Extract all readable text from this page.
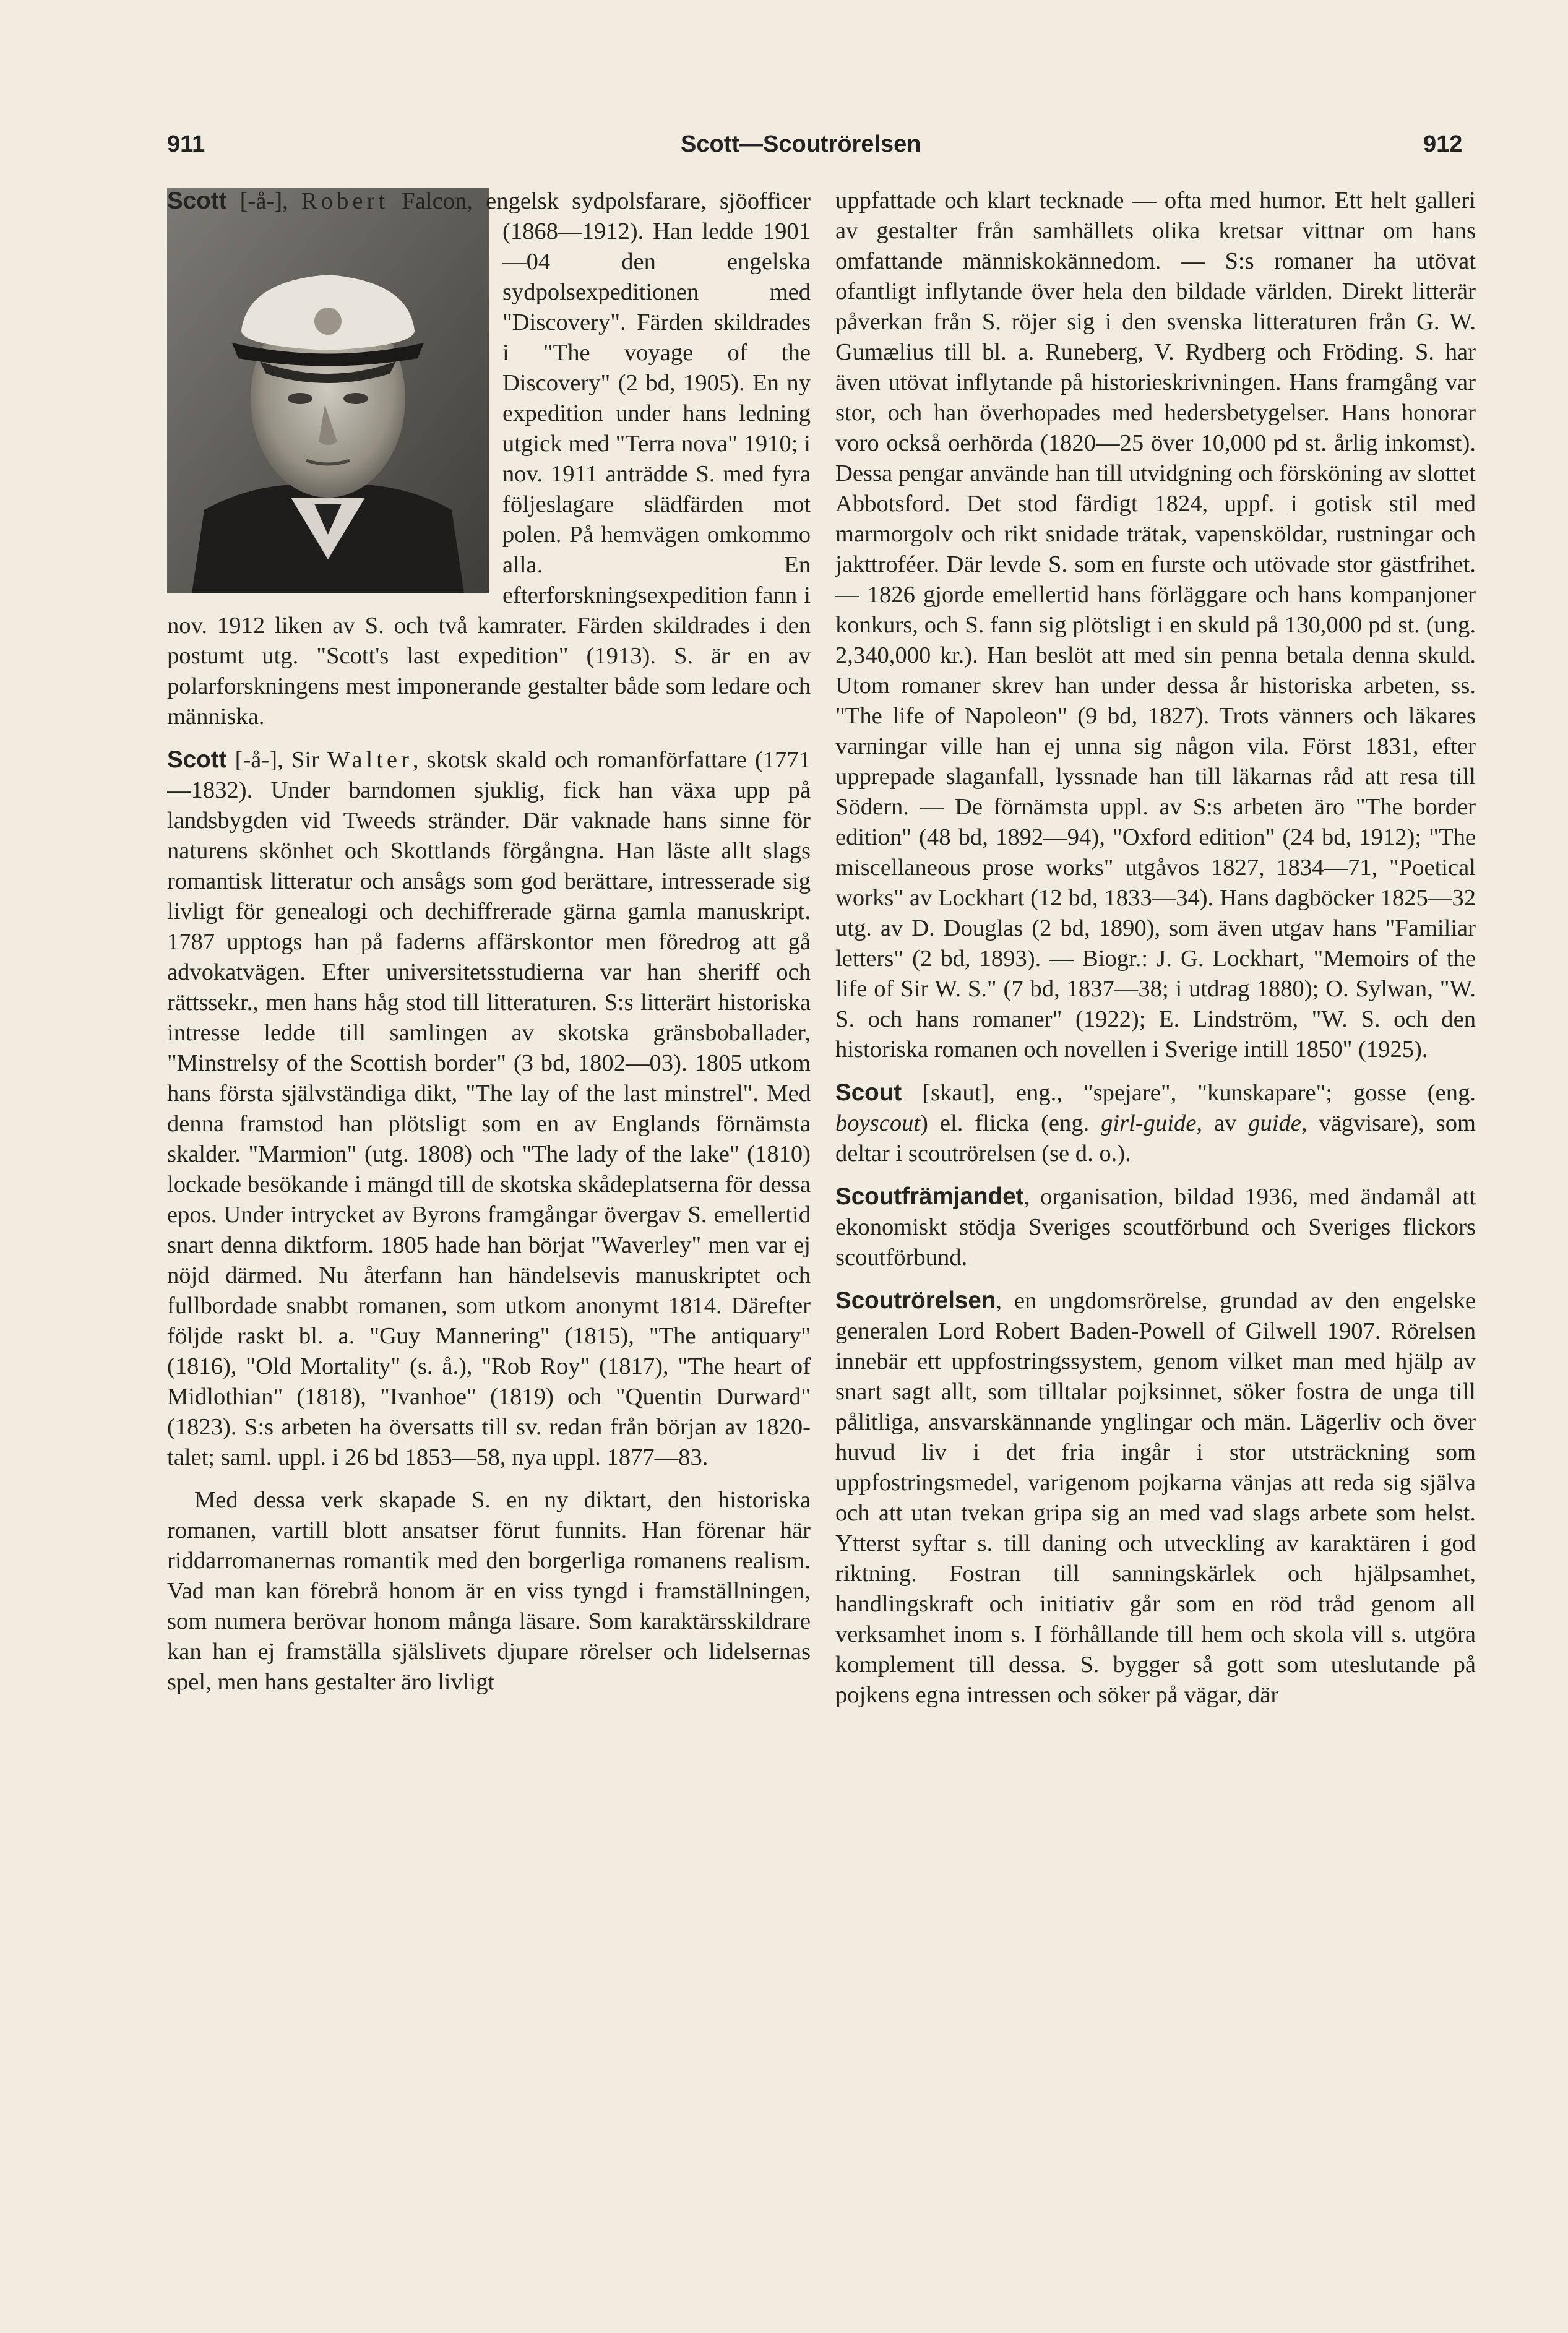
911	Scott—Scoutrörelsen	912

Scott [-å-], Robert
Falcon, engelsk sydpolsfarare, sjöofficer (1868—1912). Han ledde 1901—04 den engelska sydpolsexpeditionen med "Discovery". Färden skildrades i "The voyage of the Discovery" (2 bd, 1905). En ny expedition under hans ledning utgick med "Terra nova" 1910; i nov. 1911 anträdde S. med fyra följeslagare slädfärden mot polen. På hemvägen omkommo alla. En efterforskningsexpedition fann i nov. 1912 liken av S. och två kamrater. Färden skildrades i den postumt utg. "Scott's last expedition" (1913). S. är en av polarforskningens mest imponerande gestalter både som ledare och människa.

Scott [-å-], Sir Walter, skotsk skald och romanförfattare (1771—1832). Under barndomen sjuklig, fick han växa upp på landsbygden vid Tweeds stränder. Där vaknade hans sinne för naturens skönhet och Skottlands förgångna. Han läste allt slags romantisk litteratur och ansågs som god berättare, intresserade sig livligt för genealogi och dechiffrerade gärna gamla manuskript. 1787 upptogs han på faderns affärskontor men föredrog att gå advokatvägen. Efter universitetsstudierna var han sheriff och rättssekr., men hans håg stod till litteraturen. S:s litterärt historiska intresse ledde till samlingen av skotska gränsboballader, "Minstrelsy of the Scottish border" (3 bd, 1802—03). 1805 utkom hans första självständiga dikt, "The lay of the last minstrel". Med denna framstod han plötsligt som en av Englands förnämsta skalder. "Marmion" (utg. 1808) och "The lady of the lake" (1810) lockade besökande i mängd till de skotska skådeplatserna för dessa epos. Under intrycket av Byrons framgångar övergav S. emellertid snart denna diktform. 1805 hade han börjat "Waverley" men var ej nöjd därmed. Nu återfann han händelsevis manuskriptet och fullbordade snabbt romanen, som utkom anonymt 1814. Därefter följde raskt bl. a. "Guy Mannering" (1815), "The antiquary" (1816), "Old Mortality" (s. å.), "Rob Roy" (1817), "The heart of Midlothian" (1818), "Ivanhoe" (1819) och "Quentin Durward" (1823). S:s arbeten ha översatts till sv. redan från början av 1820-talet; saml. uppl. i 26 bd 1853—58, nya uppl. 1877—83.

Med dessa verk skapade S. en ny diktart, den historiska romanen, vartill blott ansatser förut funnits. Han förenar här riddarromanernas romantik med den borgerliga romanens realism. Vad man kan förebrå honom är en viss tyngd i framställningen, som numera berövar honom många läsare. Som karaktärsskildrare kan han ej framställa själslivets djupare rörelser och lidelsernas spel, men hans gestalter äro livligt

uppfattade och klart tecknade — ofta med humor. Ett helt galleri av gestalter från samhällets olika kretsar vittnar om hans omfattande människokännedom. — S:s romaner ha utövat ofantligt inflytande över hela den bildade världen. Direkt litterär påverkan från S. röjer sig i den svenska litteraturen från G. W. Gumælius till bl. a. Runeberg, V. Rydberg och Fröding. S. har även utövat inflytande på historieskrivningen. Hans framgång var stor, och han överhopades med hedersbetygelser. Hans honorar voro också oerhörda (1820—25 över 10,000 pd st. årlig inkomst). Dessa pengar använde han till utvidgning och försköning av slottet Abbotsford. Det stod färdigt 1824, uppf. i gotisk stil med marmorgolv och rikt snidade trätak, vapensköldar, rustningar och jakttroféer. Där levde S. som en furste och utövade stor gästfrihet. — 1826 gjorde emellertid hans förläggare och hans kompanjoner konkurs, och S. fann sig plötsligt i en skuld på 130,000 pd st. (ung. 2,340,000 kr.). Han beslöt att med sin penna betala denna skuld. Utom romaner skrev han under dessa år historiska arbeten, ss. "The life of Napoleon" (9 bd, 1827). Trots vänners och läkares varningar ville han ej unna sig någon vila. Först 1831, efter upprepade slaganfall, lyssnade han till läkarnas råd att resa till Södern. — De förnämsta uppl. av S:s arbeten äro "The border edition" (48 bd, 1892—94), "Oxford edition" (24 bd, 1912); "The miscellaneous prose works" utgåvos 1827, 1834—71, "Poetical works" av Lockhart (12 bd, 1833—34). Hans dagböcker 1825—32 utg. av D. Douglas (2 bd, 1890), som även utgav hans "Familiar letters" (2 bd, 1893). — Biogr.: J. G. Lockhart, "Memoirs of the life of Sir W. S." (7 bd, 1837—38; i utdrag 1880); O. Sylwan, "W. S. och hans romaner" (1922); E. Lindström, "W. S. och den historiska romanen och novellen i Sverige intill 1850" (1925).

Scout [skaut], eng., "spejare", "kunskapare"; gosse (eng. boyscout) el. flicka (eng. girl-guide, av guide, vägvisare), som deltar i scoutrörelsen (se d. o.).

Scoutfrämjandet, organisation, bildad 1936, med ändamål att ekonomiskt stödja Sveriges scoutförbund och Sveriges flickors scoutförbund.

Scoutrörelsen, en ungdomsrörelse, grundad av den engelske generalen Lord Robert Baden-Powell of Gilwell 1907. Rörelsen innebär ett uppfostringssystem, genom vilket man med hjälp av snart sagt allt, som tilltalar pojksinnet, söker fostra de unga till pålitliga, ansvarskännande ynglingar och män. Lägerliv och över huvud liv i det fria ingår i stor utsträckning som uppfostringsmedel, varigenom pojkarna vänjas att reda sig själva och att utan tvekan gripa sig an med vad slags arbete som helst. Ytterst syftar s. till daning och utveckling av karaktären i god riktning. Fostran till sanningskärlek och hjälpsamhet, handlingskraft och initiativ går som en röd tråd genom all verksamhet inom s. I förhållande till hem och skola vill s. utgöra komplement till dessa. S. bygger så gott som uteslutande på pojkens egna intressen och söker på vägar, där
